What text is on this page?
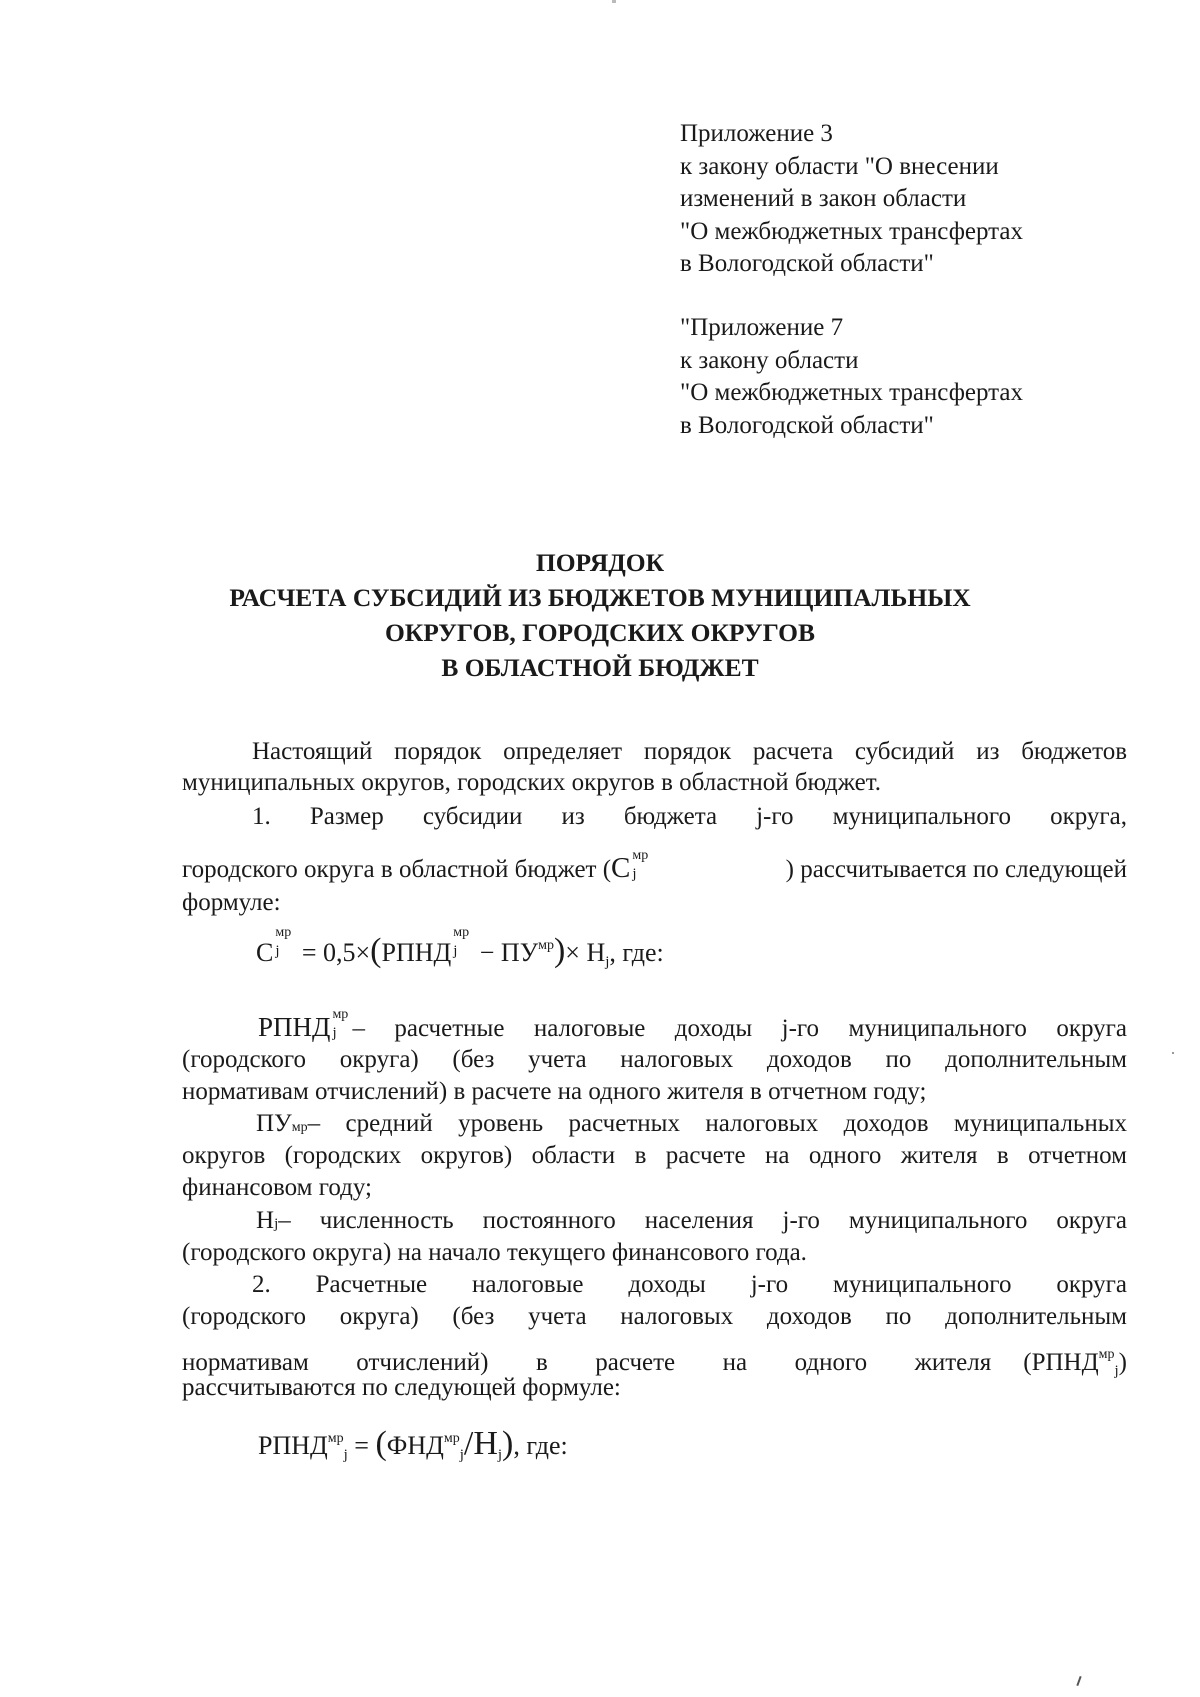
Приложение 3
к закону области "О внесении
изменений в закон области
"О межбюджетных трансфертах
в Вологодской области"
"Приложение 7
к закону области
"О межбюджетных трансфертах
в Вологодской области"
ПОРЯДОК
РАСЧЕТА СУБСИДИЙ ИЗ БЮДЖЕТОВ МУНИЦИПАЛЬНЫХ
ОКРУГОВ, ГОРОДСКИХ ОКРУГОВ
В ОБЛАСТНОЙ БЮДЖЕТ
Настоящий порядок определяет порядок расчета субсидий из бюджетов
муниципальных округов, городских округов в областной бюджет.
1. Размер субсидии из бюджета j-го муниципального округа,
городского округа в областной бюджет (C мр
j	) рассчитывается по следующей
формуле:
C
мр
j = 0,5×(РПНД
мр
$j - ПУ^{мр})\times H_j$, где:
РПНД мр
j – расчетные налоговые доходы j-го муниципального округа
(городского округа) (без учета налоговых доходов по дополнительным
нормативам отчислений) в расчете на одного жителя в отчетном году;
ПУ мр – средний уровень расчетных налоговых доходов муниципальных
округов (городских округов) области в расчете на одного жителя в отчетном
финансовом году;
H j – численность постоянного населения j-го муниципального округа
(городского округа) на начало текущего финансового года.
2. Расчетные налоговые доходы j-го муниципального округа
(городского округа) (без учета налоговых доходов по дополнительным
нормативам отчислений) в расчете на одного жителя $(РПНД^{мр}_j)$
рассчитываются по следующей формуле:
$РПНД^{мр}_j = (ФНД^{мр}_j/H_j)$, где:
